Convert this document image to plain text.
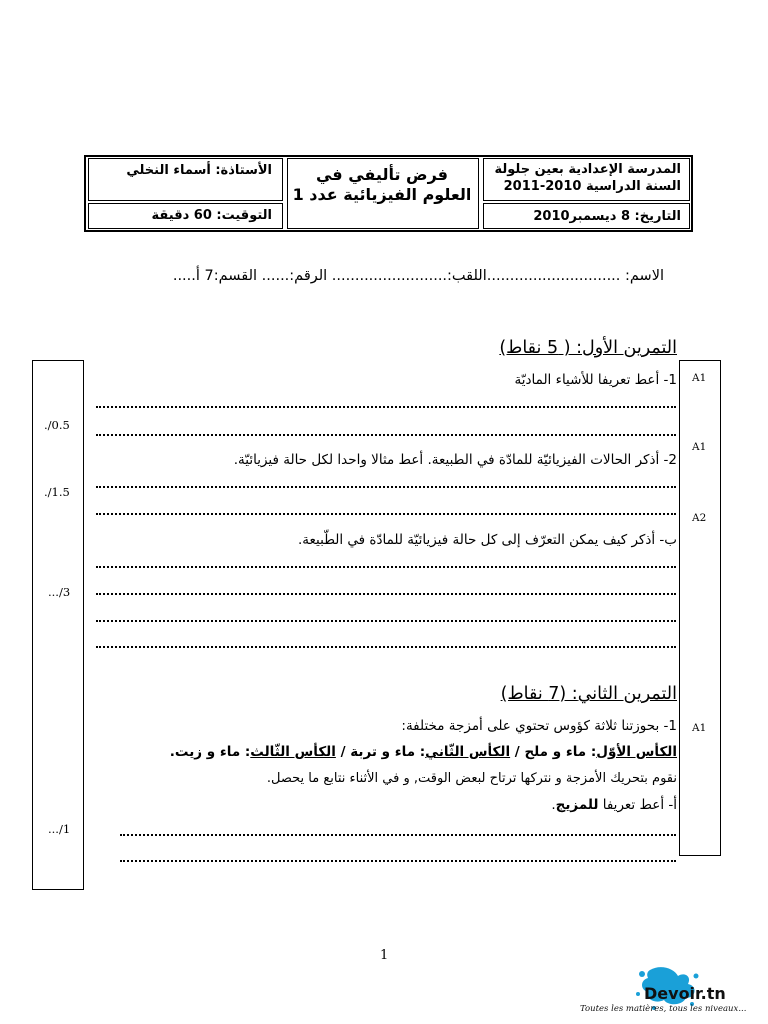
المدرسة الإعدادية بعين جلولة
السنة الدراسية 2010-2011
التاريخ: 8 ديسمبر2010
فرض تأليفي في
العلوم الفيزيائية عدد 1
الأستاذة: أسماء النخلي
التوقيت: 60 دقيقة
الاسم: .............................اللقب:......................... الرقم:...... القسم:7 أ.....
التمرين الأول: ( 5 نقاط)
1- أعط تعريفا للأشياء الماديّة
2- أذكر الحالات الفيزيائيّة للمادّة في الطبيعة. أعط مثالا واحدا لكل حالة فيزيائيّة.
ب- أذكر كيف يمكن التعرّف إلى كل حالة فيزيائيّة للمادّة في الطّبيعة.
التمرين الثاني: (7 نقاط)
1- بحوزتنا ثلاثة كؤوس تحتوي على أمزجة مختلفة:
الكأس الأوّل: ماء و ملح / الكأس الثّاني: ماء و تربة / الكأس الثّالث: ماء و زيت.
نقوم بتحريك الأمزجة و نتركها ترتاح لبعض الوقت, و في الأثناء نتابع ما يحصل.
أ- أعط تعريفا للمزيج.
./0.5
./1.5
.../3
.../1
A1
A1
A2
A1
1
Devoir.tn
Toutes les matières, tous les niveaux...
